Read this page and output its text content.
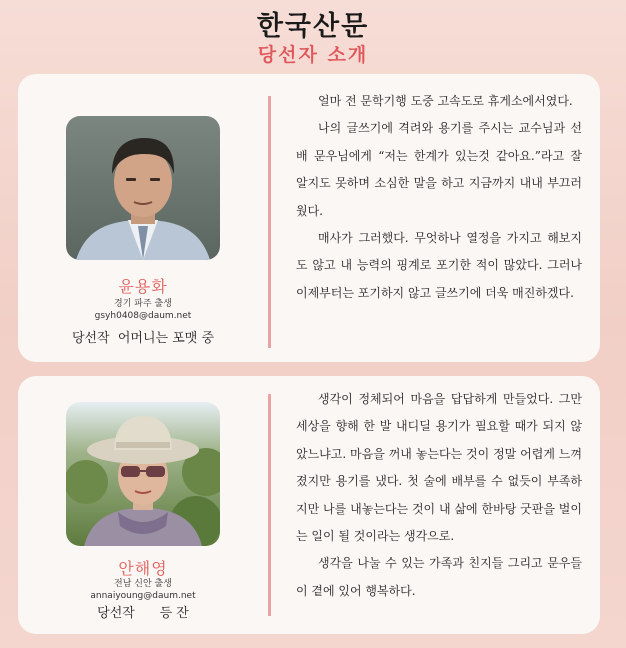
한국산문
당선자 소개
윤용화
경기 파주 출생
gsyh0408@daum.net
당선작  어머니는 포맷 중

얼마 전 문학기행 도중 고속도로 휴게소에서였다.

나의 글쓰기에 격려와 용기를 주시는 교수님과 선배 문우님에게 “저는 한계가 있는것 같아요.”라고 잘 알지도 못하며 소심한 말을 하고 지금까지 내내 부끄러웠다.

매사가 그러했다. 무엇하나 열정을 가지고 해보지도 않고 내 능력의 핑계로 포기한 적이 많았다. 그러나 이제부터는 포기하지 않고 글쓰기에 더욱 매진하겠다.

안해영
전남 신안 출생
annaiyoung@daum.net
당선작      등 잔

생각이 정체되어 마음을 답답하게 만들었다. 그만 세상을 향해 한 발 내디딜 용기가 필요할 때가 되지 않았느냐고. 마음을 꺼내 놓는다는 것이 정말 어렵게 느껴졌지만 용기를 냈다. 첫 술에 배부를 수 없듯이 부족하지만 나를 내놓는다는 것이 내 삶에 한바탕 굿판을 벌이는 일이 될 것이라는 생각으로.

생각을 나눌 수 있는 가족과 친지들 그리고 문우들이 곁에 있어 행복하다.
